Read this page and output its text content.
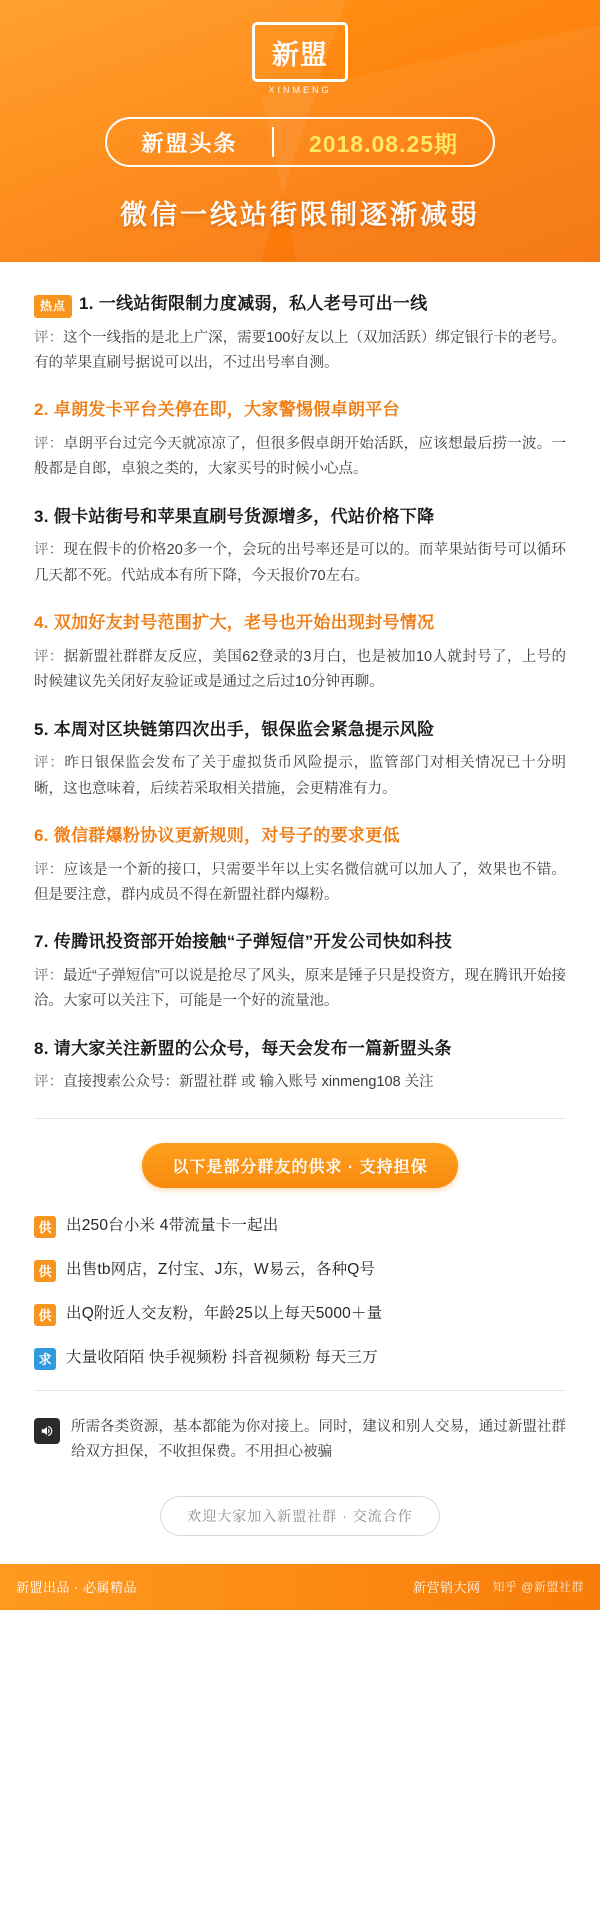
新盟
XINMENG
新盟头条	2018.08.25期
微信一线站街限制逐渐减弱
热点 1. 一线站街限制力度减弱，私人老号可出一线
评：这个一线指的是北上广深，需要100好友以上（双加活跃）绑定银行卡的老号。有的苹果直刷号据说可以出，不过出号率自测。
2. 卓朗发卡平台关停在即，大家警惕假卓朗平台
评：卓朗平台过完今天就凉凉了，但很多假卓朗开始活跃，应该想最后捞一波。一般都是自郎，卓狼之类的，大家买号的时候小心点。
3. 假卡站街号和苹果直刷号货源增多，代站价格下降
评：现在假卡的价格20多一个，会玩的出号率还是可以的。而苹果站街号可以循环几天都不死。代站成本有所下降，今天报价70左右。
4. 双加好友封号范围扩大，老号也开始出现封号情况
评：据新盟社群群友反应，美国62登录的3月白，也是被加10人就封号了，上号的时候建议先关闭好友验证或是通过之后过10分钟再聊。
5. 本周对区块链第四次出手，银保监会紧急提示风险
评：昨日银保监会发布了关于虚拟货币风险提示，监管部门对相关情况已十分明晰，这也意味着，后续若采取相关措施，会更精准有力。
6. 微信群爆粉协议更新规则，对号子的要求更低
评：应该是一个新的接口，只需要半年以上实名微信就可以加人了，效果也不错。但是要注意，群内成员不得在新盟社群内爆粉。
7. 传腾讯投资部开始接触“子弹短信”开发公司快如科技
评：最近“子弹短信”可以说是抢尽了风头，原来是锤子只是投资方，现在腾讯开始接洽。大家可以关注下，可能是一个好的流量池。
8. 请大家关注新盟的公众号，每天会发布一篇新盟头条
评：直接搜索公众号：新盟社群 或 输入账号 xinmeng108 关注
以下是部分群友的供求 · 支持担保
供 出250台小米 4带流量卡一起出
供 出售tb网店，Z付宝、J东，W易云，各种Q号
供 出Q附近人交友粉，年龄25以上每天5000＋量
求 大量收陌陌 快手视频粉 抖音视频粉 每天三万
所需各类资源，基本都能为你对接上。同时，建议和别人交易，通过新盟社群给双方担保，不收担保费。不用担心被骗
欢迎大家加入新盟社群 · 交流合作
新盟出品 · 必属精品	新营销大网 知乎 @新盟社群
